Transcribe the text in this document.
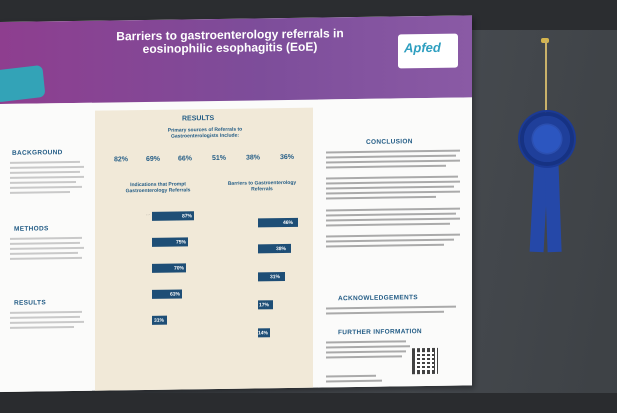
Barriers to gastroenterology referrals in eosinophilic esophagitis (EoE)	Apfed
BACKGROUND
METHODS
RESULTS
RESULTS
Primary sources of Referrals to Gastroenterologists Include:
82%	69%	66%	51%	38%	36%
Indications that Prompt Gastroenterology Referrals
Barriers to Gastroenterology Referrals
···	87%
75%
70%
63%
31%
46%
38%
31%
17%
14%
CONCLUSION
ACKNOWLEDGEMENTS
FURTHER INFORMATION
